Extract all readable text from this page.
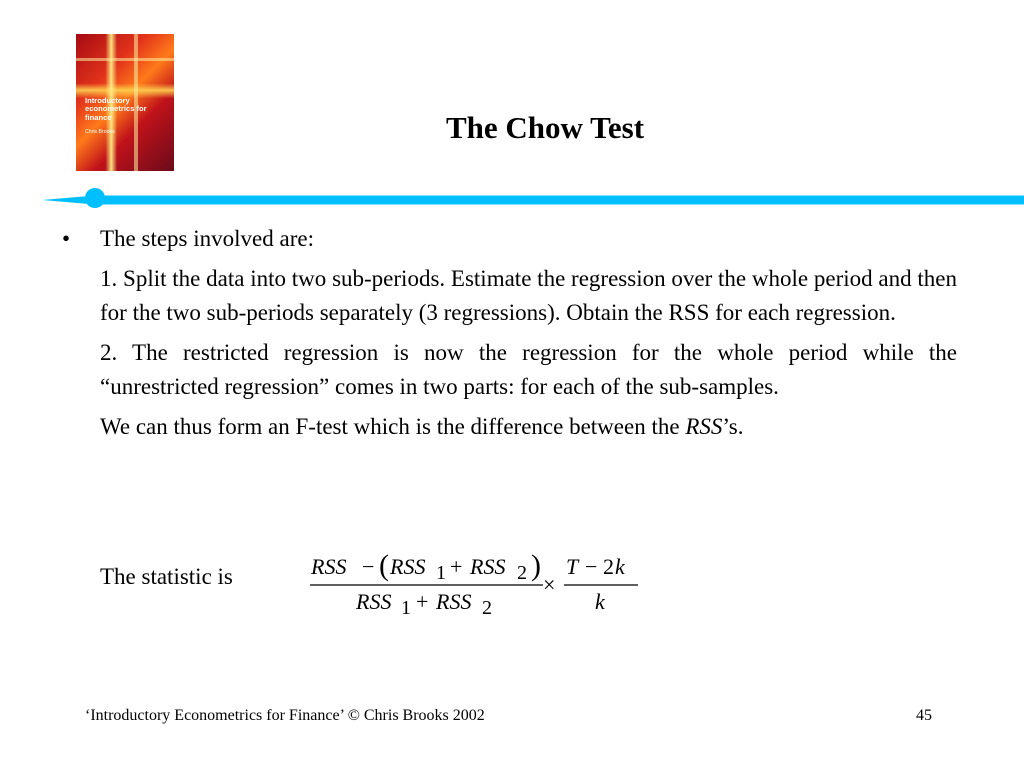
Introductory econometrics for finance
Chris Brooks	The Chow Test
• The steps involved are:
1. Split the data into two sub-periods. Estimate the regression over the whole period and then for the two sub-periods separately (3 regressions). Obtain the RSS for each regression.
2. The restricted regression is now the regression for the whole period while the “unrestricted regression” comes in two parts: for each of the sub-samples.
We can thus form an F-test which is the difference between the RSS’s.
The statistic is	RSS − ( RSS 1 + RSS 2 )
RSS 1 + RSS 2
×
T − 2 k
k
‘Introductory Econometrics for Finance’ © Chris Brooks 2002	45
